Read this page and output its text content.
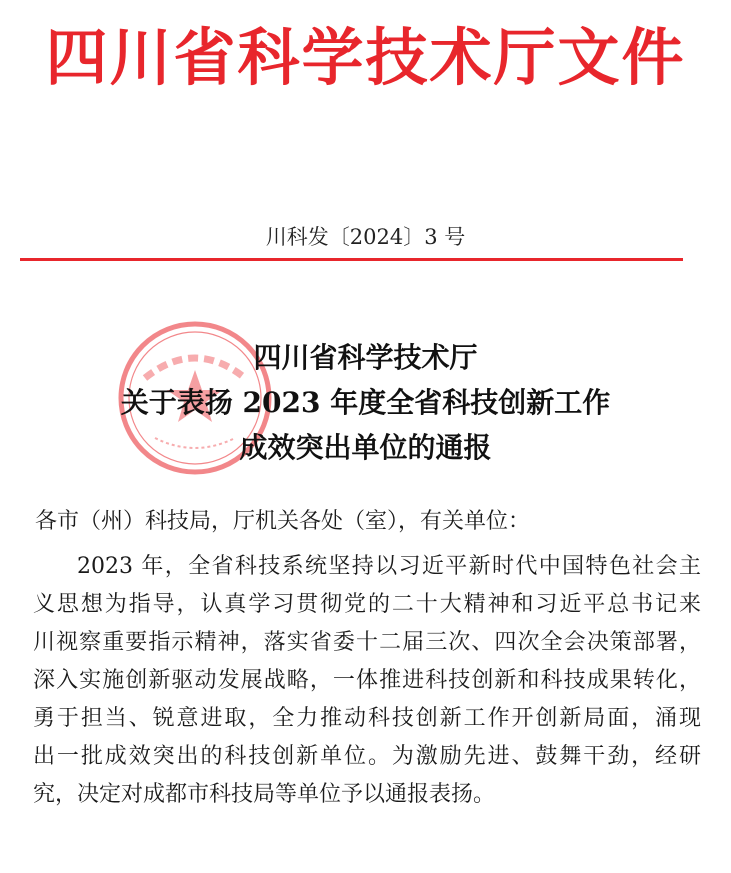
四川省科学技术厅文件
川科发〔2024〕3 号
四川省科学技术厅
关于表扬 2023 年度全省科技创新工作
成效突出单位的通报
各市（州）科技局，厅机关各处（室），有关单位：
2023 年，全省科技系统坚持以习近平新时代中国特色社会主
义思想为指导，认真学习贯彻党的二十大精神和习近平总书记来
川视察重要指示精神，落实省委十二届三次、四次全会决策部署，
深入实施创新驱动发展战略，一体推进科技创新和科技成果转化，
勇于担当、锐意进取，全力推动科技创新工作开创新局面，涌现
出一批成效突出的科技创新单位。为激励先进、鼓舞干劲，经研
究，决定对成都市科技局等单位予以通报表扬。
